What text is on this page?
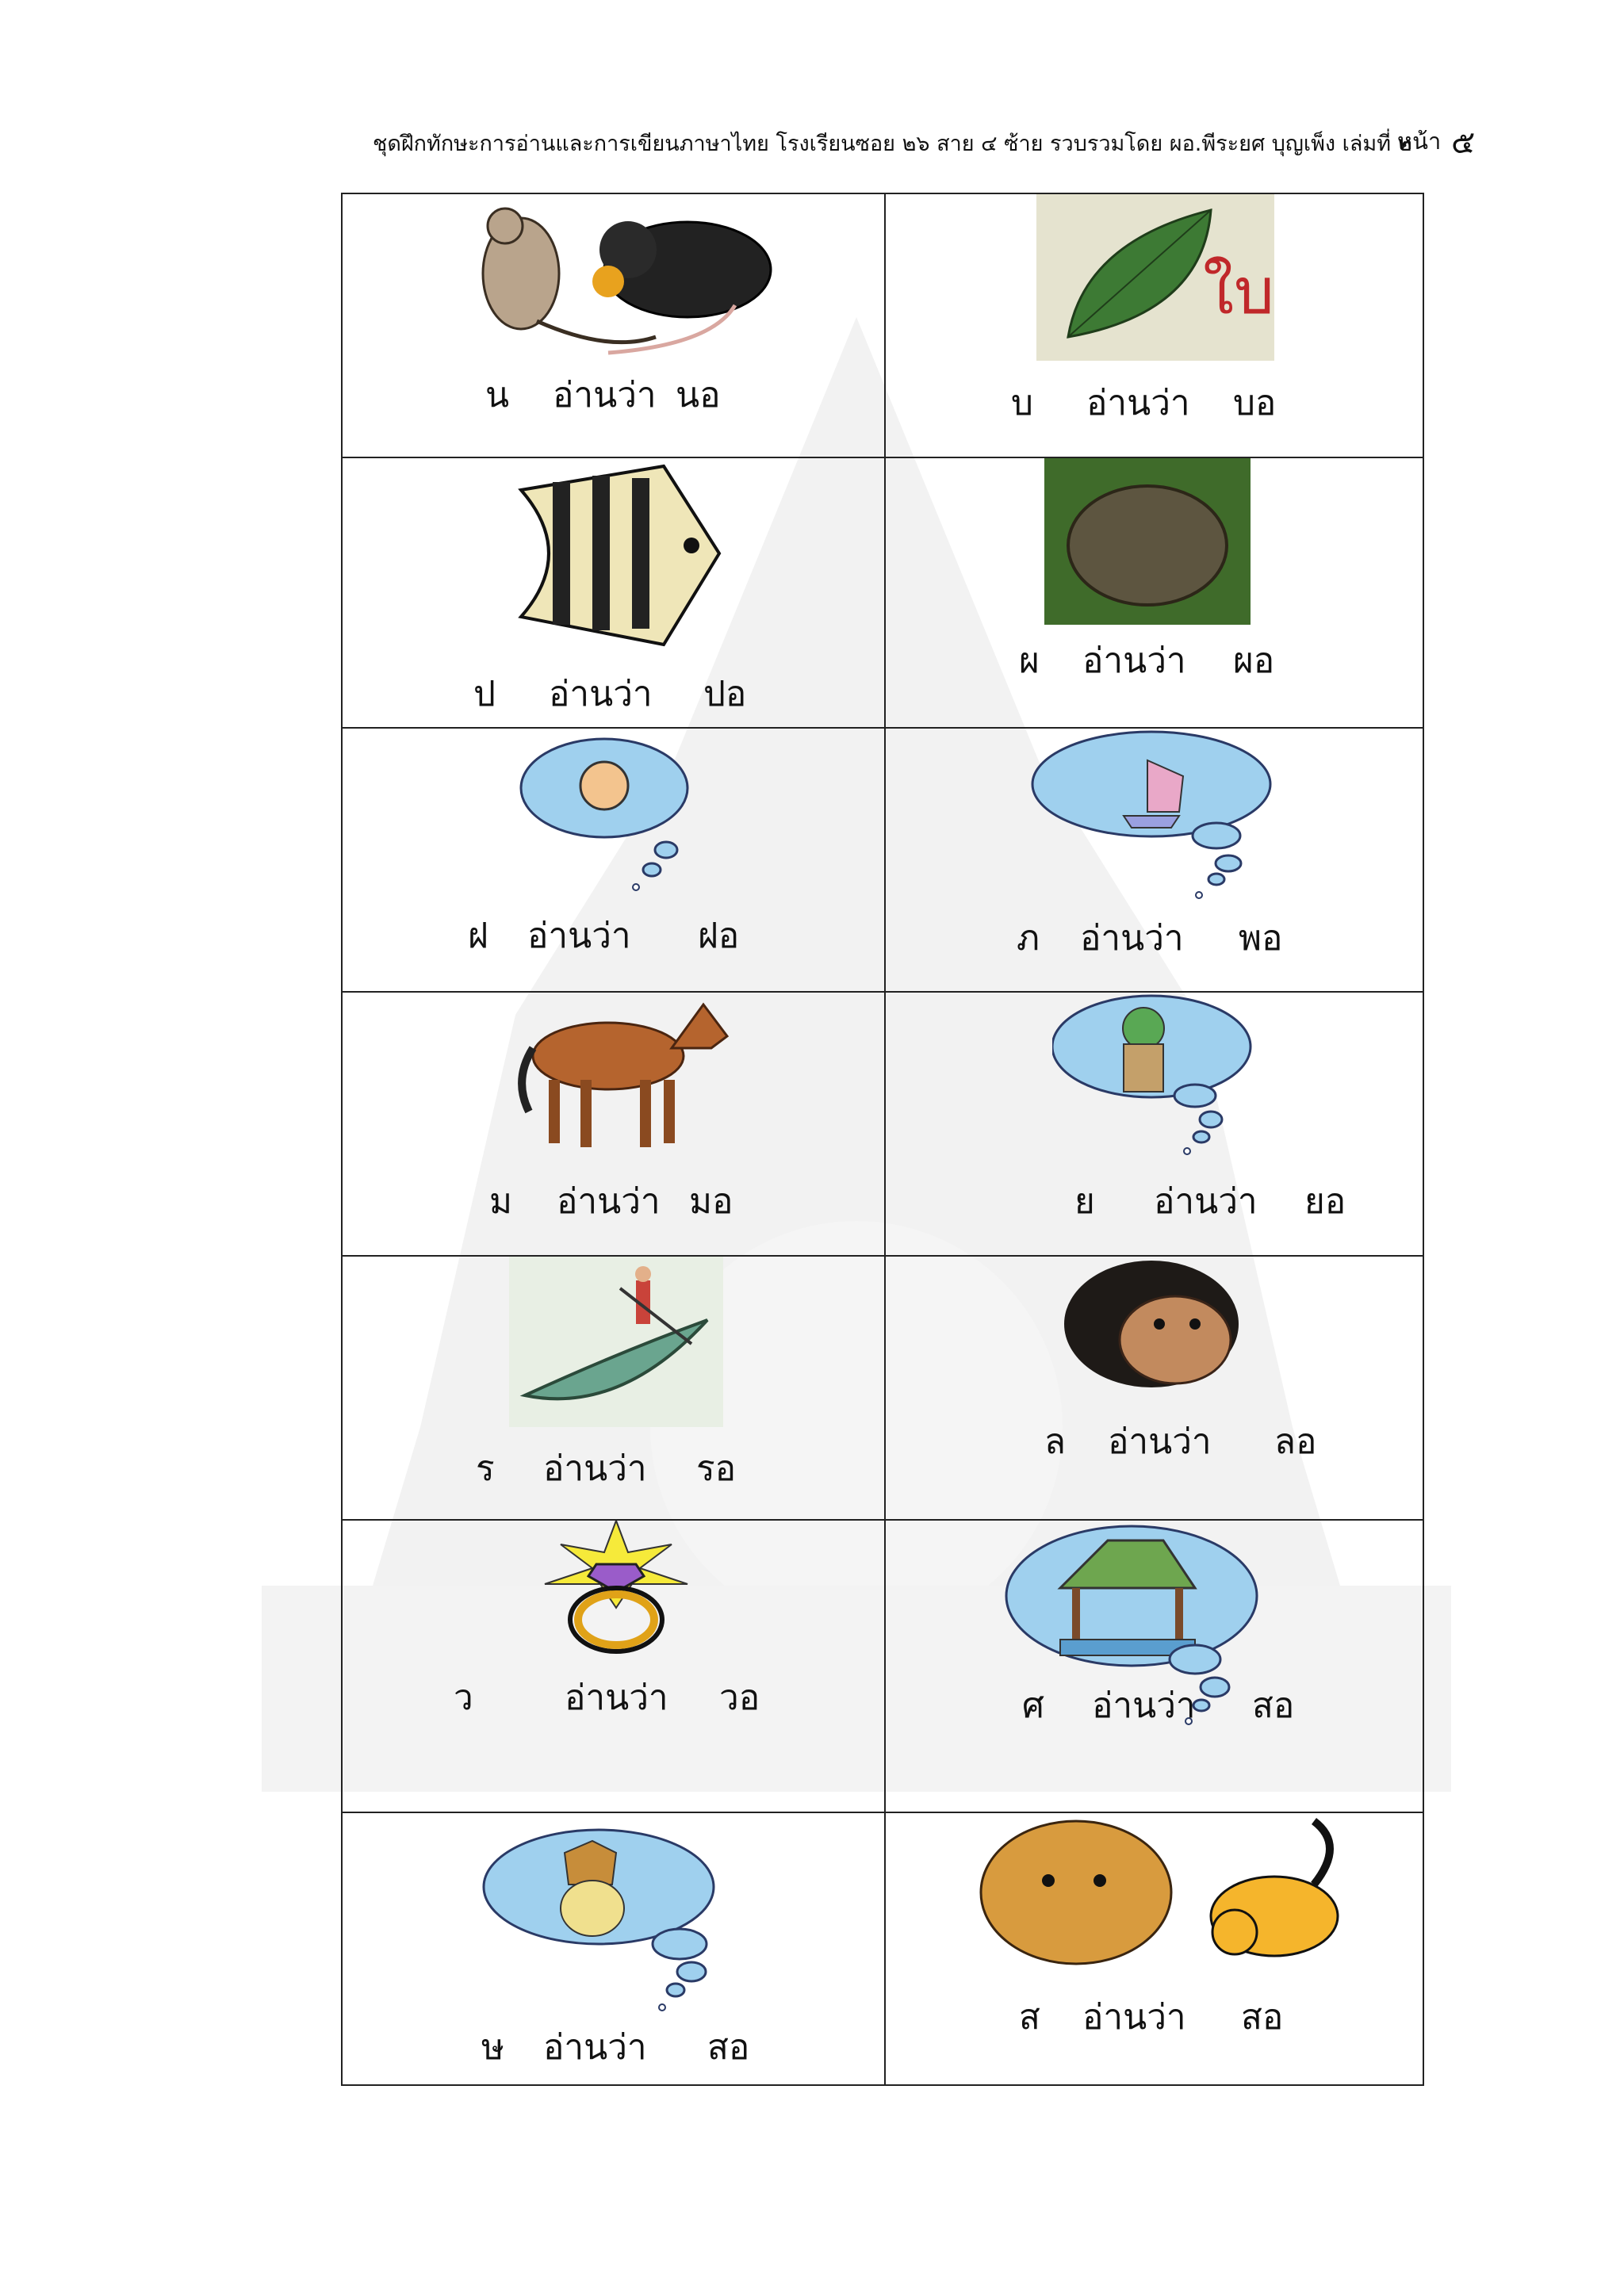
ชุดฝึกทักษะการอ่านและการเขียนภาษาไทย โรงเรียนซอย ๒๖ สาย ๔ ซ้าย รวบรวมโดย ผอ.พีระยศ บุญเพ็ง เล่มที่ ๒
หน้า ๕
น อ่านว่า นอ
ใบ
บ อ่านว่า บอ
ป อ่านว่า ปอ
ผ อ่านว่า ผอ
ฝ อ่านว่า ฝอ	ภ อ่านว่า พอ
ม อ่านว่า มอ	ย อ่านว่า ยอ
ร อ่านว่า รอ
ล อ่านว่า ลอ
ว	อ่านว่า วอ	ศ อ่านว่า สอ
ษ อ่านว่า สอ
ส อ่านว่า สอ
